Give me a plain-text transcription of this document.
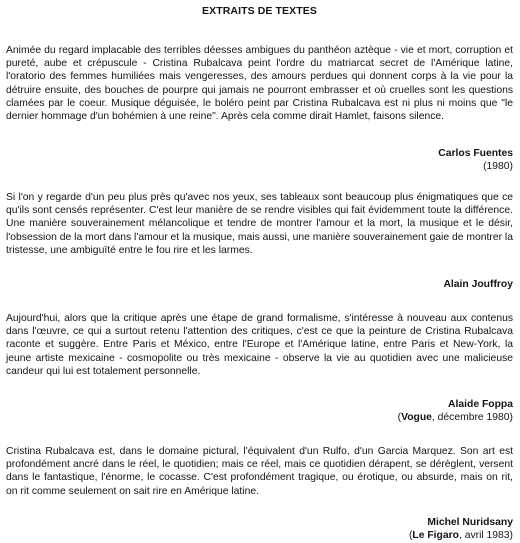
EXTRAITS DE TEXTES

Animée du regard implacable des terribles déesses ambigues du panthéon aztèque - vie et mort, corruption et pureté, aube et crépuscule - Cristina Rubalcava peint l'ordre du matriarcat secret de l'Amérique latine, l'oratorio des femmes humiliées mais vengeresses, des amours perdues qui donnent corps à la vie pour la détruire ensuite, des bouches de pourpre qui jamais ne pourront embrasser et où cruelles sont les questions clamées par le coeur. Musique déguisée, le boléro peint par Cristina Rubalcava est ni plus ni moins que "le dernier hommage d'un bohémien à une reine". Après cela comme dirait Hamlet, faisons silence.

Carlos Fuentes
(1980)

Si l'on y regarde d'un peu plus près qu'avec nos yeux, ses tableaux sont beaucoup plus énigmatiques que ce qu'ils sont censés représenter. C'est leur manière de se rendre visibles qui fait évidemment toute la différence. Une manière souverainement mélancolique et tendre de montrer l'amour et la mort, la musique et le désir, l'obsession de la mort dans l'amour et la musique, mais aussi, une manière souverainement gaie de montrer la tristesse, une ambiguïté entre le fou rire et les larmes.

Alain Jouffroy

Aujourd'hui, alors que la critique après une étape de grand formalisme, s'intéresse à nouveau aux contenus dans l'œuvre, ce qui a surtout retenu l'attention des critiques, c'est ce que la peinture de Cristina Rubalcava raconte et suggère. Entre Paris et México, entre l'Europe et l'Amérique latine, entre Paris et New-York, la jeune artiste mexicaine - cosmopolite ou très mexicaine - observe la vie au quotidien avec une malicieuse candeur qui lui est totalement personnelle.

Alaide Foppa
(Vogue, décembre 1980)

Cristina Rubalcava est, dans le domaine pictural, l'équivalent d'un Rulfo, d'un Garcia Marquez. Son art est profondément ancré dans le réel, le quotidien; mais ce réel, mais ce quotidien dérapent, se dérèglent, versent dans le fantastique, l'énorme, le cocasse. C'est profondément tragique, ou érotique, ou absurde, mais on rit, on rit comme seulement on sait rire en Amérique latine.

Michel Nuridsany
(Le Figaro, avril 1983)
